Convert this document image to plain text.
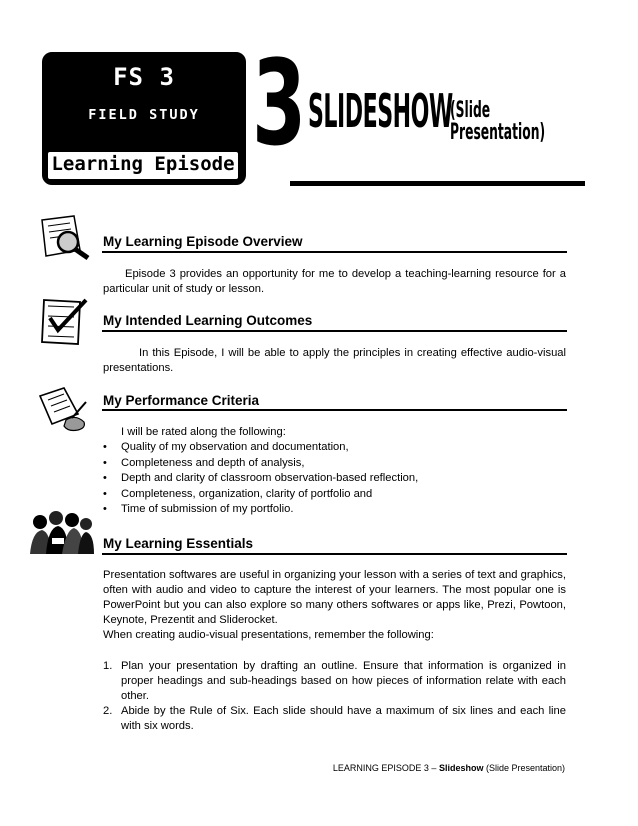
FS 3
FIELD STUDY
Learning Episode 3 SLIDESHOW
(Slide Presentation)
My Learning Episode Overview
Episode 3 provides an opportunity for me to develop a teaching-learning resource for a particular unit of study or lesson.
My Intended Learning Outcomes
In this Episode, I will be able to apply the principles in creating effective audio-visual presentations.
My Performance Criteria
I will be rated along the following:
• Quality of my observation and documentation,
• Completeness and depth of analysis,
• Depth and clarity of classroom observation-based reflection,
• Completeness, organization, clarity of portfolio and
• Time of submission of my portfolio.
My Learning Essentials
Presentation softwares are useful in organizing your lesson with a series of text and graphics, often with audio and video to capture the interest of your learners. The most popular one is PowerPoint but you can also explore so many others softwares or apps like, Prezi, Powtoon, Keynote, Prezentit and Sliderocket.
When creating audio-visual presentations, remember the following:
1. Plan your presentation by drafting an outline. Ensure that information is organized in proper headings and sub-headings based on how pieces of information relate with each other.
2. Abide by the Rule of Six. Each slide should have a maximum of six lines and each line with six words.
LEARNING EPISODE 3 – Slideshow (Slide Presentation)
